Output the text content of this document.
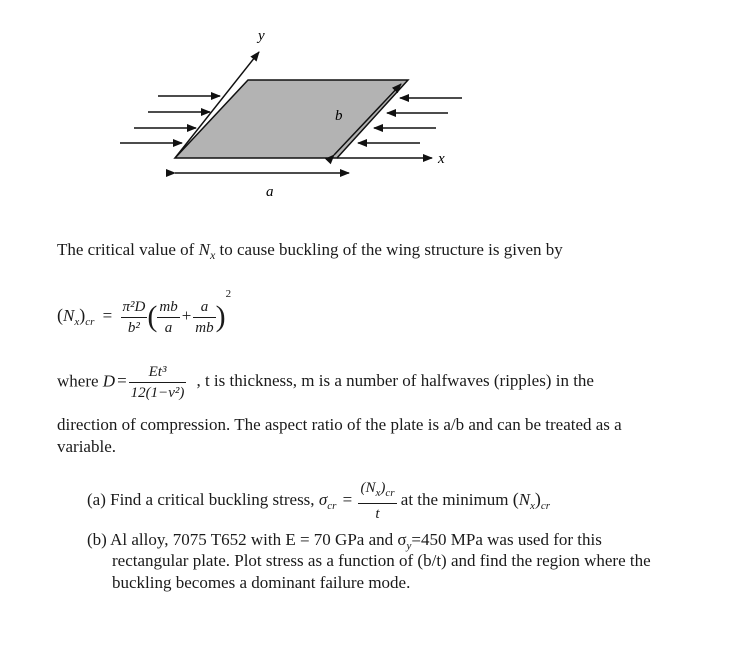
y
x
b
a
The critical value of $N_x$ to cause buckling of the wing structure is given by
$(N_x)_{cr} = \frac{\text{π²D}}{\text{b²}}$ ( $\frac{mb}{a} + \frac{a}{mb} )^2$
where $D = \frac{\text{Et³}}{\text{12(1−ν²)}}$ , t is thickness, m is a number of halfwaves (ripples) in the
direction of compression. The aspect ratio of the plate is a/b and can be treated as a
variable.
(a) Find a critical buckling stress, $\sigma_{cr} = \frac{(N_x)_{cr}}{t}$ at the minimum $(N_x)_{cr}$
(b) Al alloy, 7075 T652 with E = 70 GPa and $\sigma_y=450$ MPa was used for this
rectangular plate. Plot stress as a function of (b/t) and find the region where the
buckling becomes a dominant failure mode.
